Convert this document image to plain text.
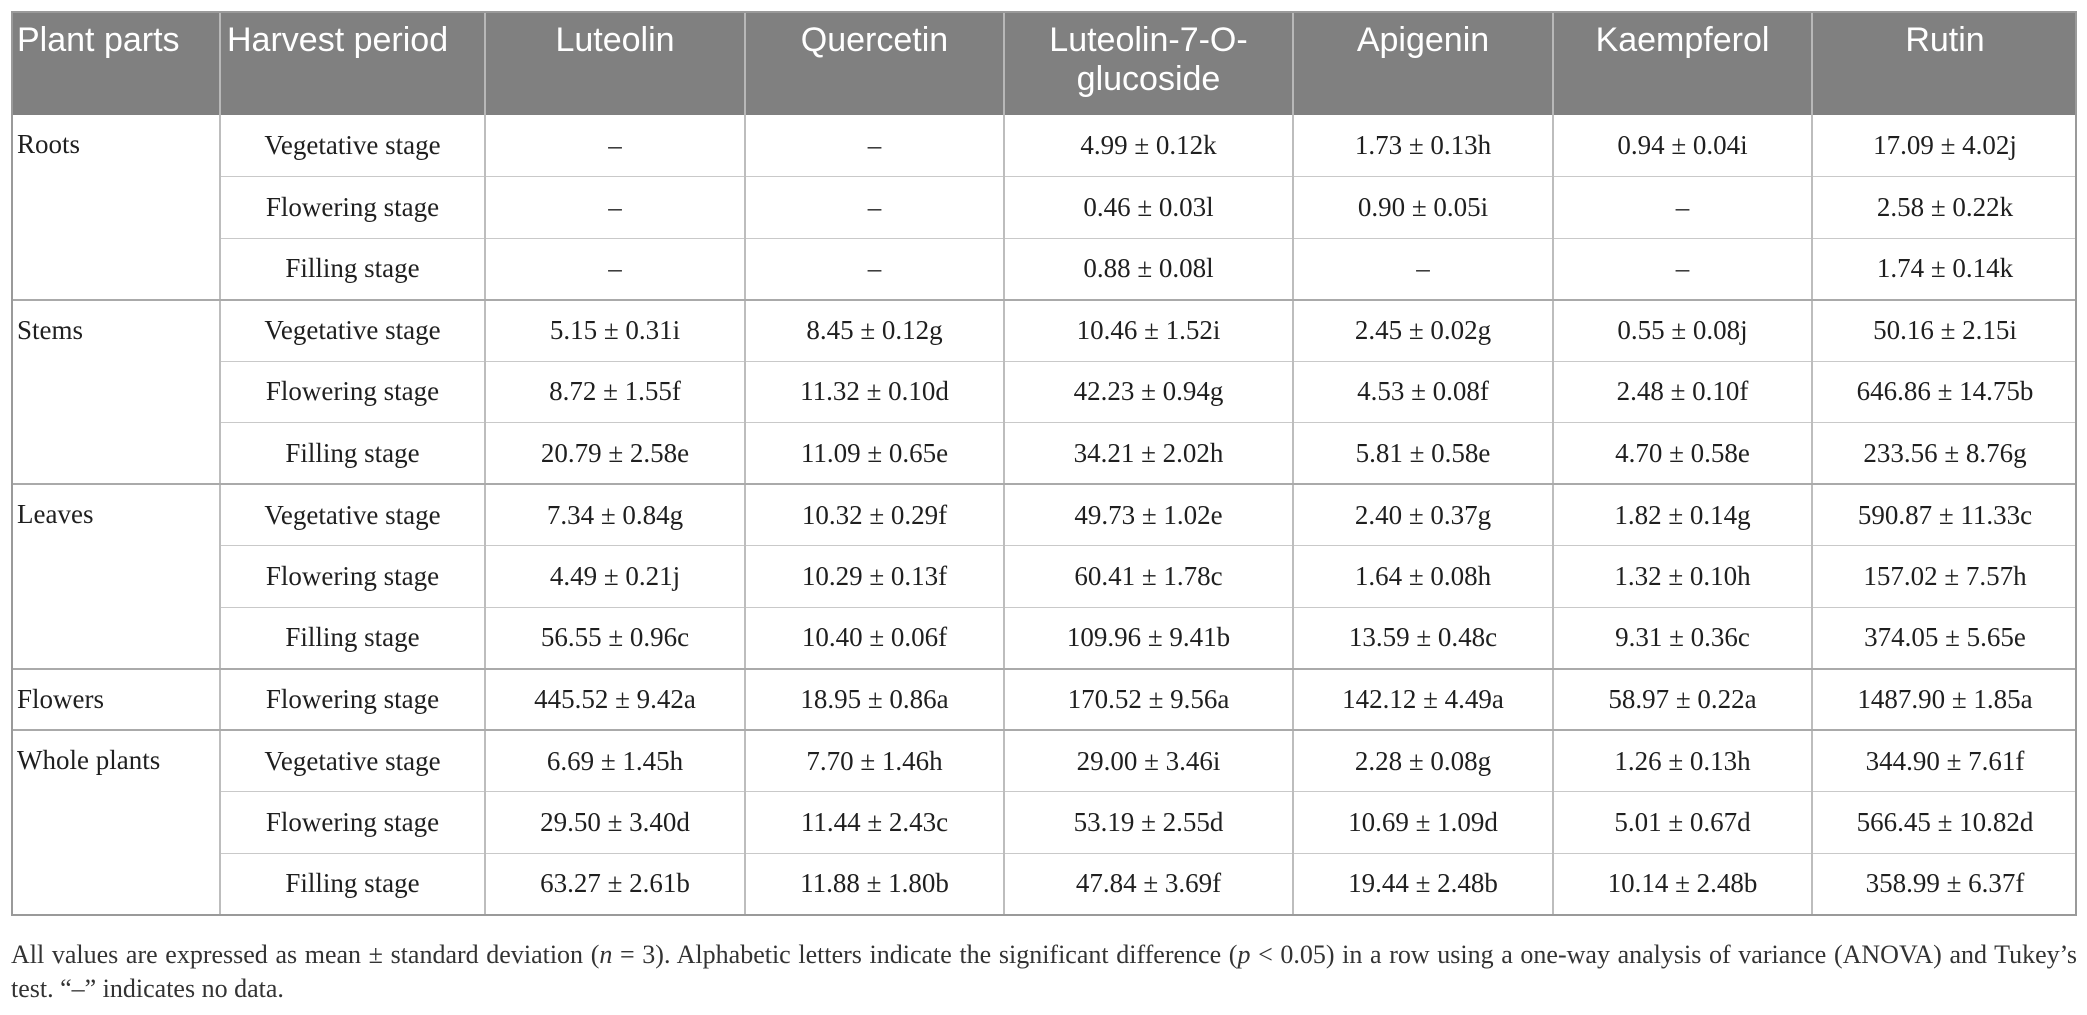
Plant parts	Harvest period	Luteolin	Quercetin	Luteolin-7-O-glucoside	Apigenin	Kaempferol	Rutin
Roots	Vegetative stage	–	–	4.99 ± 0.12k	1.73 ± 0.13h	0.94 ± 0.04i	17.09 ± 4.02j
	Flowering stage	–	–	0.46 ± 0.03l	0.90 ± 0.05i	–	2.58 ± 0.22k
	Filling stage	–	–	0.88 ± 0.08l	–	–	1.74 ± 0.14k
Stems	Vegetative stage	5.15 ± 0.31i	8.45 ± 0.12g	10.46 ± 1.52i	2.45 ± 0.02g	0.55 ± 0.08j	50.16 ± 2.15i
	Flowering stage	8.72 ± 1.55f	11.32 ± 0.10d	42.23 ± 0.94g	4.53 ± 0.08f	2.48 ± 0.10f	646.86 ± 14.75b
	Filling stage	20.79 ± 2.58e	11.09 ± 0.65e	34.21 ± 2.02h	5.81 ± 0.58e	4.70 ± 0.58e	233.56 ± 8.76g
Leaves	Vegetative stage	7.34 ± 0.84g	10.32 ± 0.29f	49.73 ± 1.02e	2.40 ± 0.37g	1.82 ± 0.14g	590.87 ± 11.33c
	Flowering stage	4.49 ± 0.21j	10.29 ± 0.13f	60.41 ± 1.78c	1.64 ± 0.08h	1.32 ± 0.10h	157.02 ± 7.57h
	Filling stage	56.55 ± 0.96c	10.40 ± 0.06f	109.96 ± 9.41b	13.59 ± 0.48c	9.31 ± 0.36c	374.05 ± 5.65e
Flowers	Flowering stage	445.52 ± 9.42a	18.95 ± 0.86a	170.52 ± 9.56a	142.12 ± 4.49a	58.97 ± 0.22a	1487.90 ± 1.85a
Whole plants	Vegetative stage	6.69 ± 1.45h	7.70 ± 1.46h	29.00 ± 3.46i	2.28 ± 0.08g	1.26 ± 0.13h	344.90 ± 7.61f
	Flowering stage	29.50 ± 3.40d	11.44 ± 2.43c	53.19 ± 2.55d	10.69 ± 1.09d	5.01 ± 0.67d	566.45 ± 10.82d
	Filling stage	63.27 ± 2.61b	11.88 ± 1.80b	47.84 ± 3.69f	19.44 ± 2.48b	10.14 ± 2.48b	358.99 ± 6.37f
All values are expressed as mean ± standard deviation (n = 3). Alphabetic letters indicate the significant difference (p < 0.05) in a row using a one-way analysis of variance (ANOVA) and Tukey’s test. “–” indicates no data.
